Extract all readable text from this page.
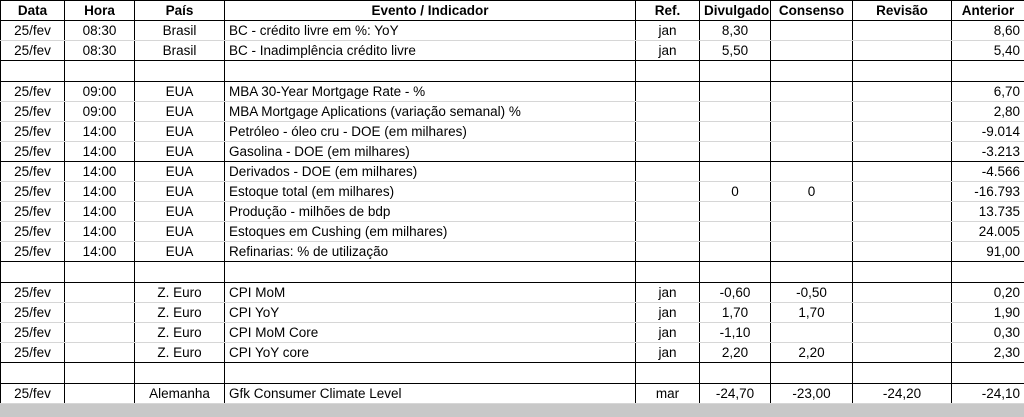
Data	Hora	País	Evento / Indicador	Ref.	Divulgado	Consenso	Revisão	Anterior
25/fev	08:30	Brasil	BC - crédito livre em %: YoY	jan	8,30			8,60
25/fev	08:30	Brasil	BC - Inadimplência crédito livre	jan	5,50			5,40

25/fev	09:00	EUA	MBA 30-Year Mortgage Rate - %					6,70
25/fev	09:00	EUA	MBA Mortgage Aplications (variação semanal) %					2,80
25/fev	14:00	EUA	Petróleo - óleo cru - DOE (em milhares)					-9.014
25/fev	14:00	EUA	Gasolina - DOE (em milhares)					-3.213
25/fev	14:00	EUA	Derivados - DOE (em milhares)					-4.566
25/fev	14:00	EUA	Estoque total (em milhares)		0	0		-16.793
25/fev	14:00	EUA	Produção - milhões de bdp					13.735
25/fev	14:00	EUA	Estoques em Cushing (em milhares)					24.005
25/fev	14:00	EUA	Refinarias: % de utilização					91,00

25/fev		Z. Euro	CPI MoM	jan	-0,60	-0,50		0,20
25/fev		Z. Euro	CPI YoY	jan	1,70	1,70		1,90
25/fev		Z. Euro	CPI MoM Core	jan	-1,10			0,30
25/fev		Z. Euro	CPI YoY core	jan	2,20	2,20		2,30

25/fev		Alemanha	Gfk Consumer Climate Level	mar	-24,70	-23,00	-24,20	-24,10
